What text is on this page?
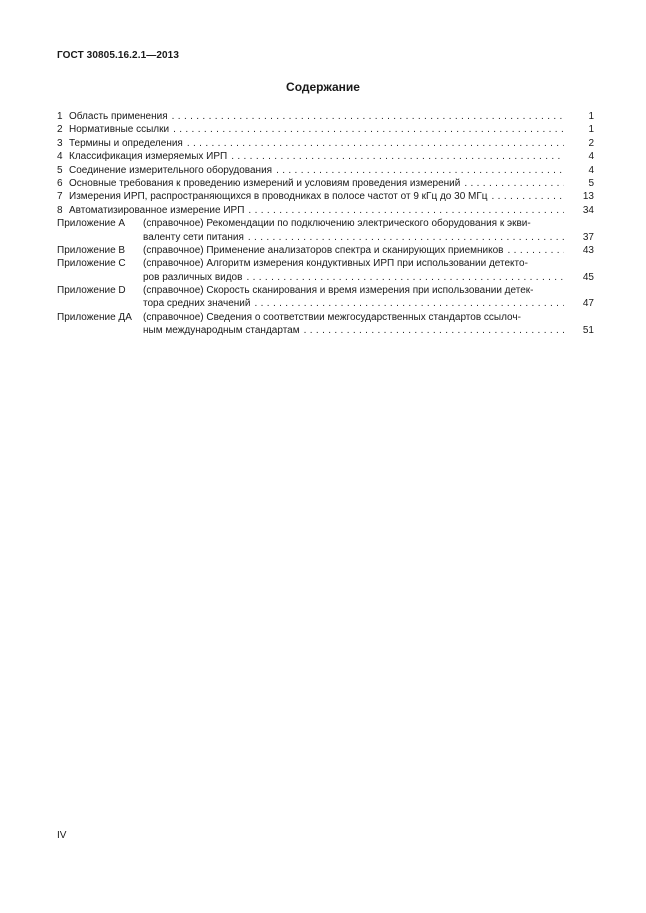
ГОСТ 30805.16.2.1—2013
Содержание
1 Область применения . . .	1
2 Нормативные ссылки . . .	1
3 Термины и определения . . .	2
4 Классификация измеряемых ИРП . . .	4
5 Соединение измерительного оборудования . . .	4
6 Основные требования к проведению измерений и условиям проведения измерений . . .	5
7 Измерения ИРП, распространяющихся в проводниках в полосе частот от 9 кГц до 30 МГц . . .	13
8 Автоматизированное измерение ИРП . . .	34
Приложение А	(справочное) Рекомендации по подключению электрического оборудования к экви-
валенту сети питания . . .	37
Приложение В	(справочное) Применение анализаторов спектра и сканирующих приемников . . .	43
Приложение С	(справочное) Алгоритм измерения кондуктивных ИРП при использовании детекто-
ров различных видов . . .	45
Приложение D	(справочное) Скорость сканирования и время измерения при использовании детек-
тора средних значений . . .	47
Приложение ДА	(справочное) Сведения о соответствии межгосударственных стандартов ссылоч-
ным международным стандартам . . .	51
IV
